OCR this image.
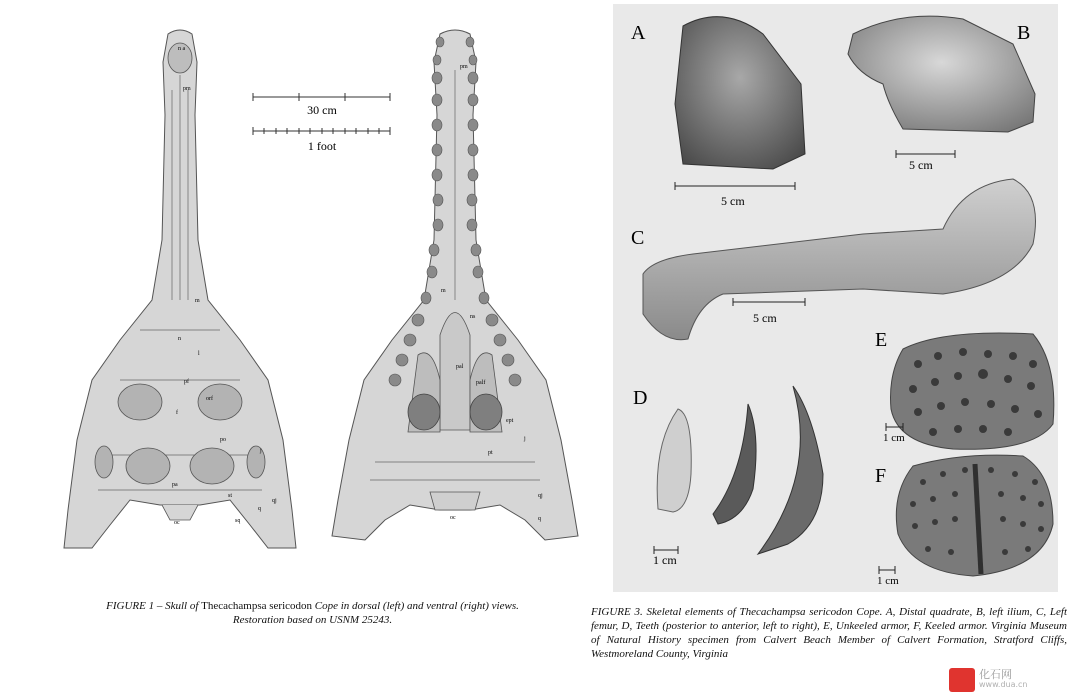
30 cm
1 foot
n a
pm
m
n
l
pf
orf
f
po
j
pa
st
qj
q
sq
oc
pm
m
ns
pal
palf
ept
pt
j
qj
q
oc
FIGURE 1 – Skull of Thecachampsa sericodon Cope in dorsal (left) and ventral (right) views.
Restoration based on USNM 25243.
A
5 cm
B
5 cm
C
5 cm
D
1 cm
E
1 cm
F
1 cm
FIGURE 3. Skeletal elements of Thecachampsa sericodon Cope. A, Distal quadrate, B, left ilium, C, Left femur, D, Teeth (posterior to anterior, left to right), E, Unkeeled armor, F, Keeled armor. Virginia Museum of Natural History specimen from Calvert Beach Member of Calvert Formation, Stratford Cliffs, Westmoreland County, Virginia
化石网
www.dua.cn
